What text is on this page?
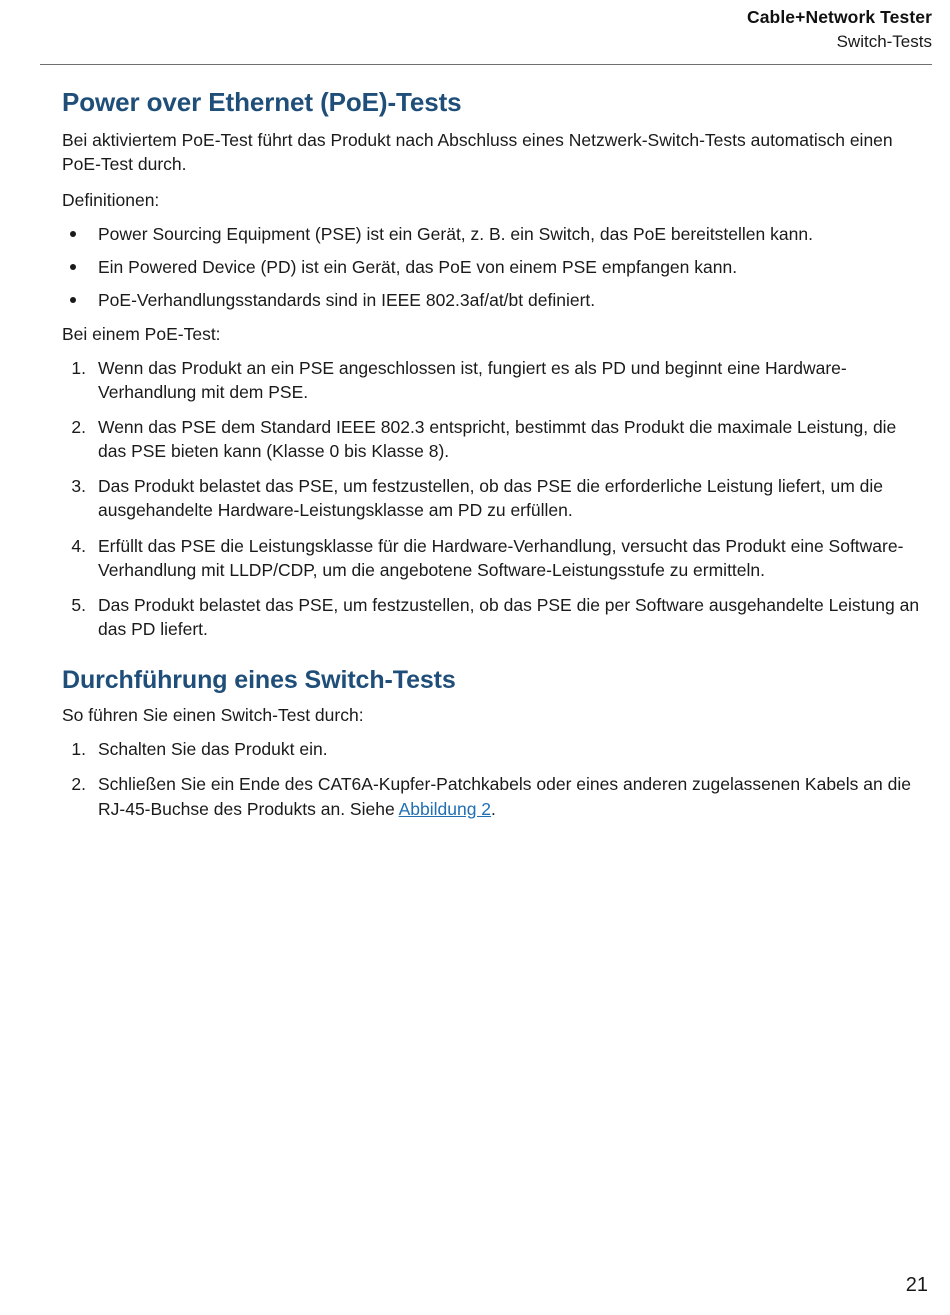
Cable+Network Tester
Switch-Tests
Power over Ethernet (PoE)-Tests

Bei aktiviertem PoE-Test führt das Produkt nach Abschluss eines Netzwerk-Switch-Tests automatisch einen PoE-Test durch.

Definitionen:

Power Sourcing Equipment (PSE) ist ein Gerät, z. B. ein Switch, das PoE bereitstellen kann.
Ein Powered Device (PD) ist ein Gerät, das PoE von einem PSE empfangen kann.
PoE-Verhandlungsstandards sind in IEEE 802.3af/at/bt definiert.

Bei einem PoE-Test:

1. Wenn das Produkt an ein PSE angeschlossen ist, fungiert es als PD und beginnt eine Hardware-Verhandlung mit dem PSE.
2. Wenn das PSE dem Standard IEEE 802.3 entspricht, bestimmt das Produkt die maximale Leistung, die das PSE bieten kann (Klasse 0 bis Klasse 8).
3. Das Produkt belastet das PSE, um festzustellen, ob das PSE die erforderliche Leistung liefert, um die ausgehandelte Hardware-Leistungsklasse am PD zu erfüllen.
4. Erfüllt das PSE die Leistungsklasse für die Hardware-Verhandlung, versucht das Produkt eine Software-Verhandlung mit LLDP/CDP, um die angebotene Software-Leistungsstufe zu ermitteln.
5. Das Produkt belastet das PSE, um festzustellen, ob das PSE die per Software ausgehandelte Leistung an das PD liefert.
Durchführung eines Switch-Tests

So führen Sie einen Switch-Test durch:

1. Schalten Sie das Produkt ein.
2. Schließen Sie ein Ende des CAT6A-Kupfer-Patchkabels oder eines anderen zugelassenen Kabels an die RJ-45-Buchse des Produkts an. Siehe Abbildung 2.
21
